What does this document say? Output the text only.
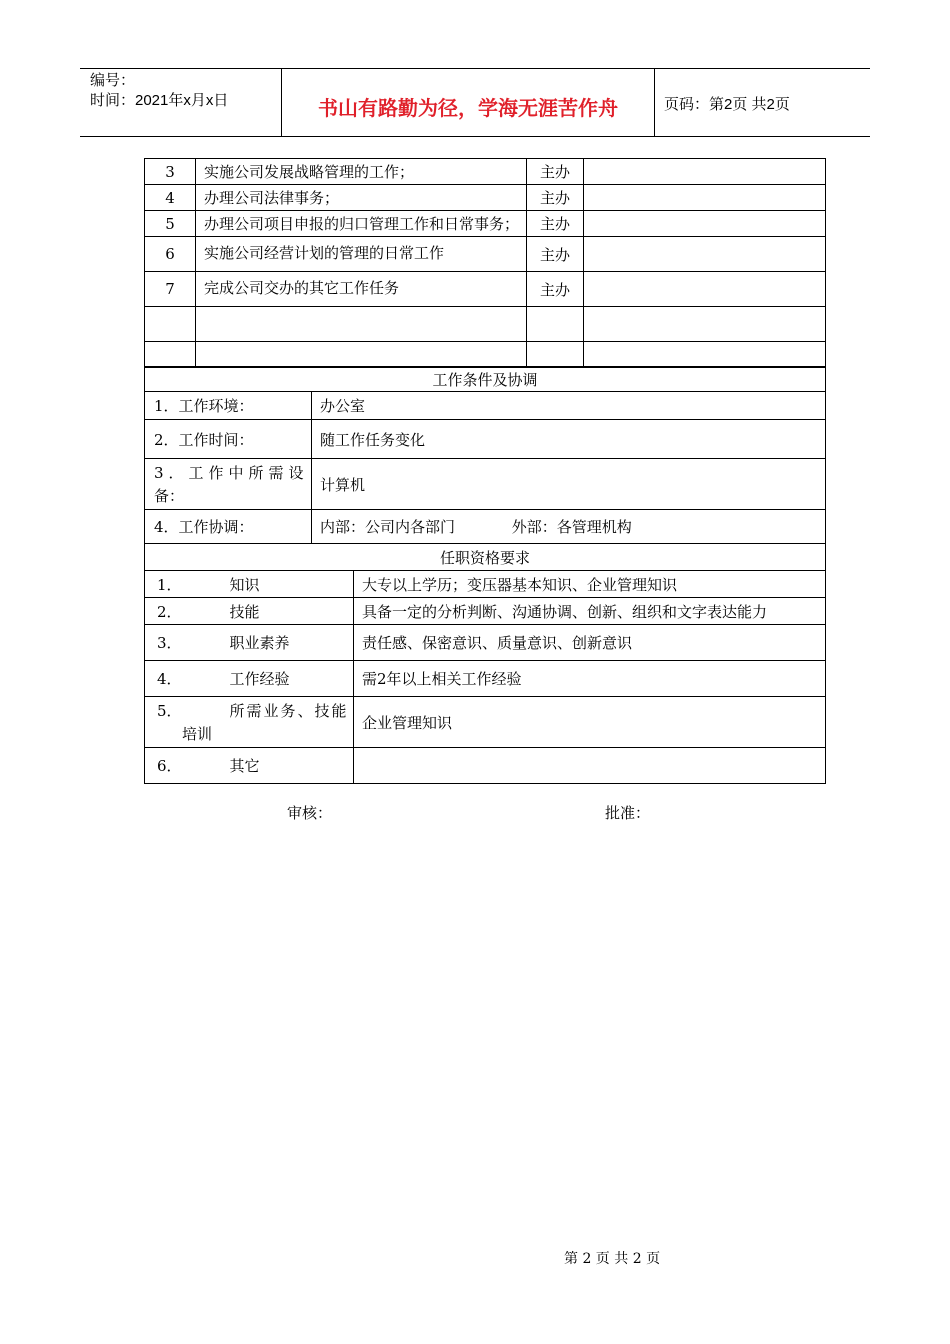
编号：
时间：2021年x月x日	书山有路勤为径，学海无涯苦作舟	页码：第2页 共2页
3	实施公司发展战略管理的工作；	主办	
4	办理公司法律事务；	主办	
5	办理公司项目申报的归口管理工作和日常事务；	主办	
6	实施公司经营计划的管理的日常工作	主办	
7	完成公司交办的其它工作任务	主办	

工作条件及协调	
1．工作环境：	办公室
2．工作时间：	随工作任务变化

3．工作中所需设
备：	计算机
4．工作协调：	内部：公司内各部门 外部：各管理机构
任职资格要求	
1． 知识	大专以上学历；变压器基本知识、企业管理知识
2． 技能	具备一定的分析判断、沟通协调、创新、组织和文字表达能力
3． 职业素养	责任感、保密意识、质量意识、创新意识
4． 工作经验	需2年以上相关工作经验

5． 所需业务、技能
培训	企业管理知识
6． 其它	
审核：	批准：
第 2 页 共 2 页
